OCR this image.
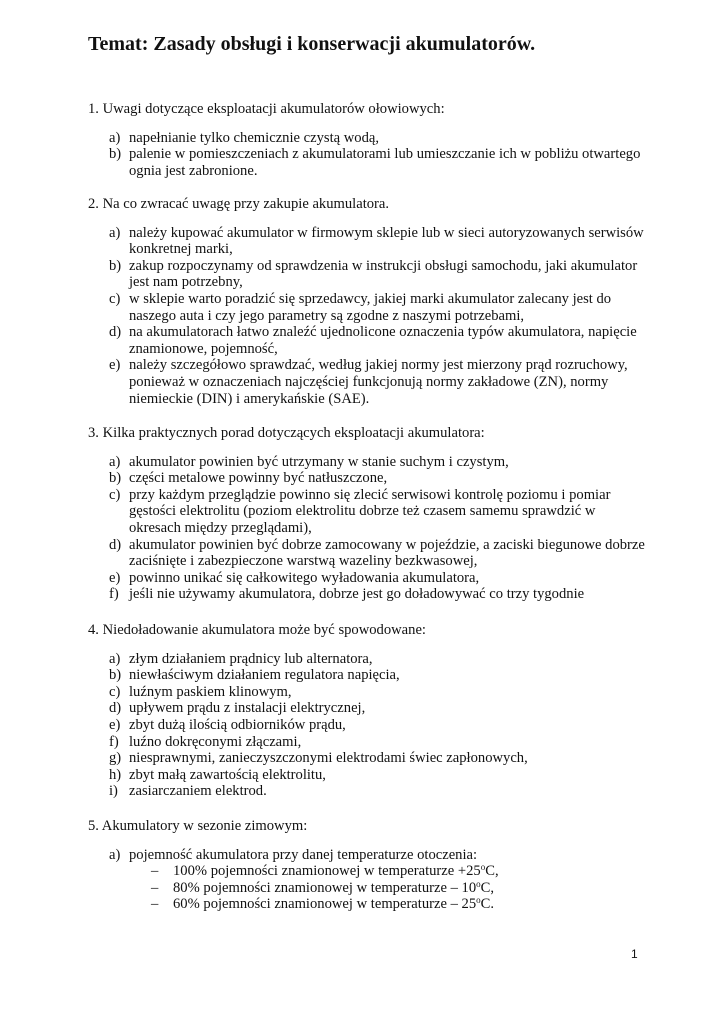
Temat: Zasady obsługi i konserwacji akumulatorów.
1. Uwagi dotyczące eksploatacji akumulatorów ołowiowych:
a) napełnianie tylko chemicznie czystą wodą,
b) palenie w pomieszczeniach z akumulatorami lub umieszczanie ich w pobliżu otwartego ognia jest zabronione.
2. Na co zwracać uwagę przy zakupie akumulatora.
a) należy kupować akumulator w firmowym sklepie lub w sieci autoryzowanych serwisów konkretnej marki,
b) zakup rozpoczynamy od sprawdzenia w instrukcji obsługi samochodu, jaki akumulator jest nam potrzebny,
c) w sklepie warto poradzić się sprzedawcy, jakiej marki akumulator zalecany jest do naszego auta i czy jego parametry są zgodne z naszymi potrzebami,
d) na akumulatorach łatwo znaleźć ujednolicone oznaczenia typów akumulatora, napięcie znamionowe, pojemność,
e) należy szczegółowo sprawdzać, według jakiej normy jest mierzony prąd rozruchowy, ponieważ w oznaczeniach najczęściej funkcjonują normy zakładowe (ZN), normy niemieckie (DIN) i amerykańskie (SAE).
3. Kilka praktycznych porad dotyczących eksploatacji akumulatora:
a) akumulator powinien być utrzymany w stanie suchym i czystym,
b) części metalowe powinny być natłuszczone,
c) przy każdym przeglądzie powinno się zlecić serwisowi kontrolę poziomu i pomiar gęstości elektrolitu (poziom elektrolitu dobrze też czasem samemu sprawdzić w okresach między przeglądami),
d) akumulator powinien być dobrze zamocowany w pojeździe, a zaciski biegunowe dobrze zaciśnięte i zabezpieczone warstwą wazeliny bezkwasowej,
e) powinno unikać się całkowitego wyładowania akumulatora,
f) jeśli nie używamy akumulatora, dobrze jest go doładowywać co trzy tygodnie
4. Niedoładowanie akumulatora może być spowodowane:
a) złym działaniem prądnicy lub alternatora,
b) niewłaściwym działaniem regulatora napięcia,
c) luźnym paskiem klinowym,
d) upływem prądu z instalacji elektrycznej,
e) zbyt dużą ilością odbiorników prądu,
f) luźno dokręconymi złączami,
g) niesprawnymi, zanieczyszczonymi elektrodami świec zapłonowych,
h) zbyt małą zawartością elektrolitu,
i) zasiarczaniem elektrod.
5. Akumulatory w sezonie zimowym:
a) pojemność akumulatora przy danej temperaturze otoczenia:
– 100% pojemności znamionowej w temperaturze $+25^oC$,
– 80% pojemności znamionowej w temperaturze – 10$^o$C,
– 60% pojemności znamionowej w temperaturze – 25$^o$C.
1
